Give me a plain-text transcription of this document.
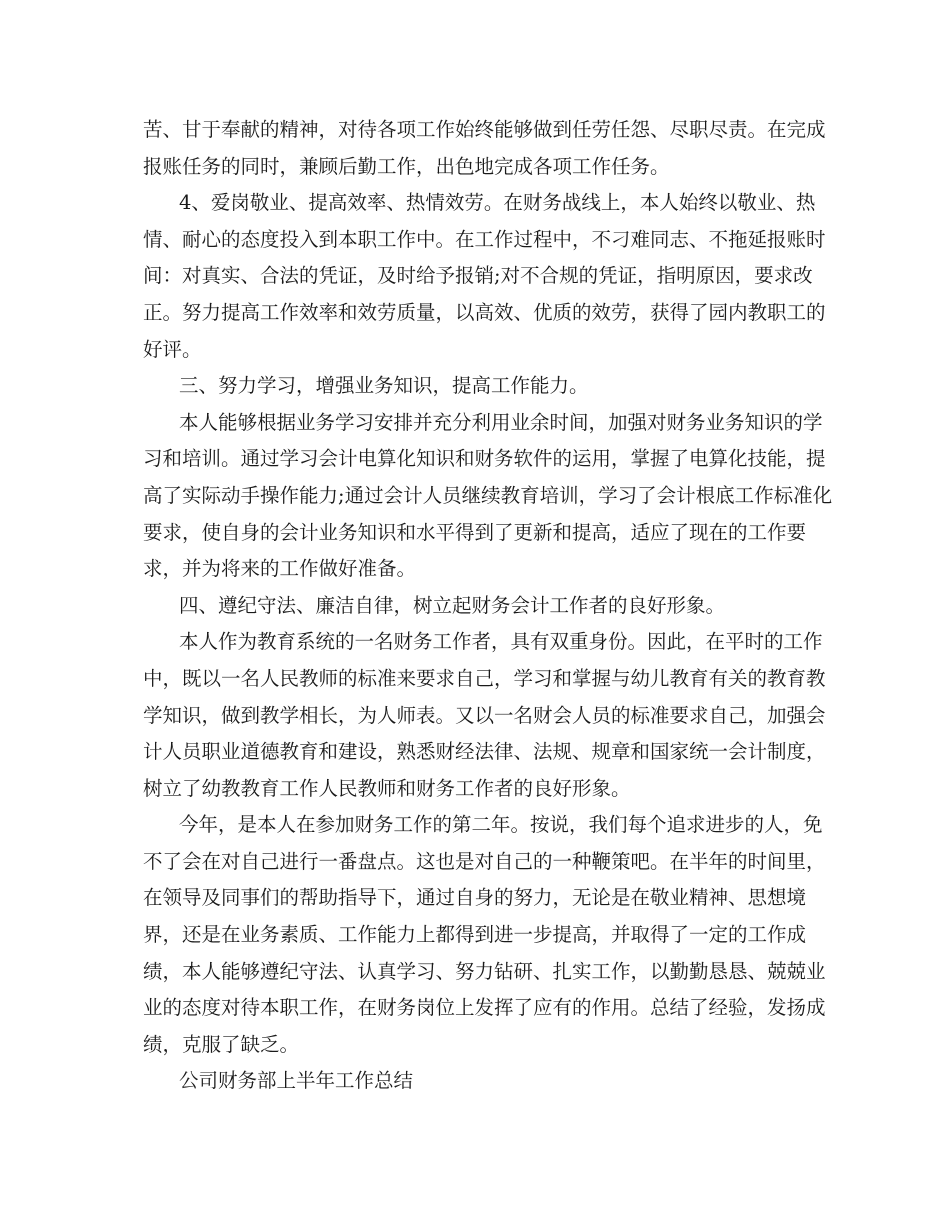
苦、甘于奉献的精神，对待各项工作始终能够做到任劳任怨、尽职尽责。在完成
报账任务的同时，兼顾后勤工作，出色地完成各项工作任务。

4、爱岗敬业、提高效率、热情效劳。在财务战线上，本人始终以敬业、热
情、耐心的态度投入到本职工作中。在工作过程中，不刁难同志、不拖延报账时
间：对真实、合法的凭证，及时给予报销;对不合规的凭证，指明原因，要求改
正。努力提高工作效率和效劳质量，以高效、优质的效劳，获得了园内教职工的
好评。

三、努力学习，增强业务知识，提高工作能力。

本人能够根据业务学习安排并充分利用业余时间，加强对财务业务知识的学
习和培训。通过学习会计电算化知识和财务软件的运用，掌握了电算化技能，提
高了实际动手操作能力;通过会计人员继续教育培训，学习了会计根底工作标准化
要求，使自身的会计业务知识和水平得到了更新和提高，适应了现在的工作要
求，并为将来的工作做好准备。

四、遵纪守法、廉洁自律，树立起财务会计工作者的良好形象。

本人作为教育系统的一名财务工作者，具有双重身份。因此，在平时的工作
中，既以一名人民教师的标准来要求自己，学习和掌握与幼儿教育有关的教育教
学知识，做到教学相长，为人师表。又以一名财会人员的标准要求自己，加强会
计人员职业道德教育和建设，熟悉财经法律、法规、规章和国家统一会计制度，
树立了幼教教育工作人民教师和财务工作者的良好形象。

今年，是本人在参加财务工作的第二年。按说，我们每个追求进步的人，免
不了会在对自己进行一番盘点。这也是对自己的一种鞭策吧。在半年的时间里，
在领导及同事们的帮助指导下，通过自身的努力，无论是在敬业精神、思想境
界，还是在业务素质、工作能力上都得到进一步提高，并取得了一定的工作成
绩，本人能够遵纪守法、认真学习、努力钻研、扎实工作，以勤勤恳恳、兢兢业
业的态度对待本职工作，在财务岗位上发挥了应有的作用。总结了经验，发扬成
绩，克服了缺乏。

公司财务部上半年工作总结
